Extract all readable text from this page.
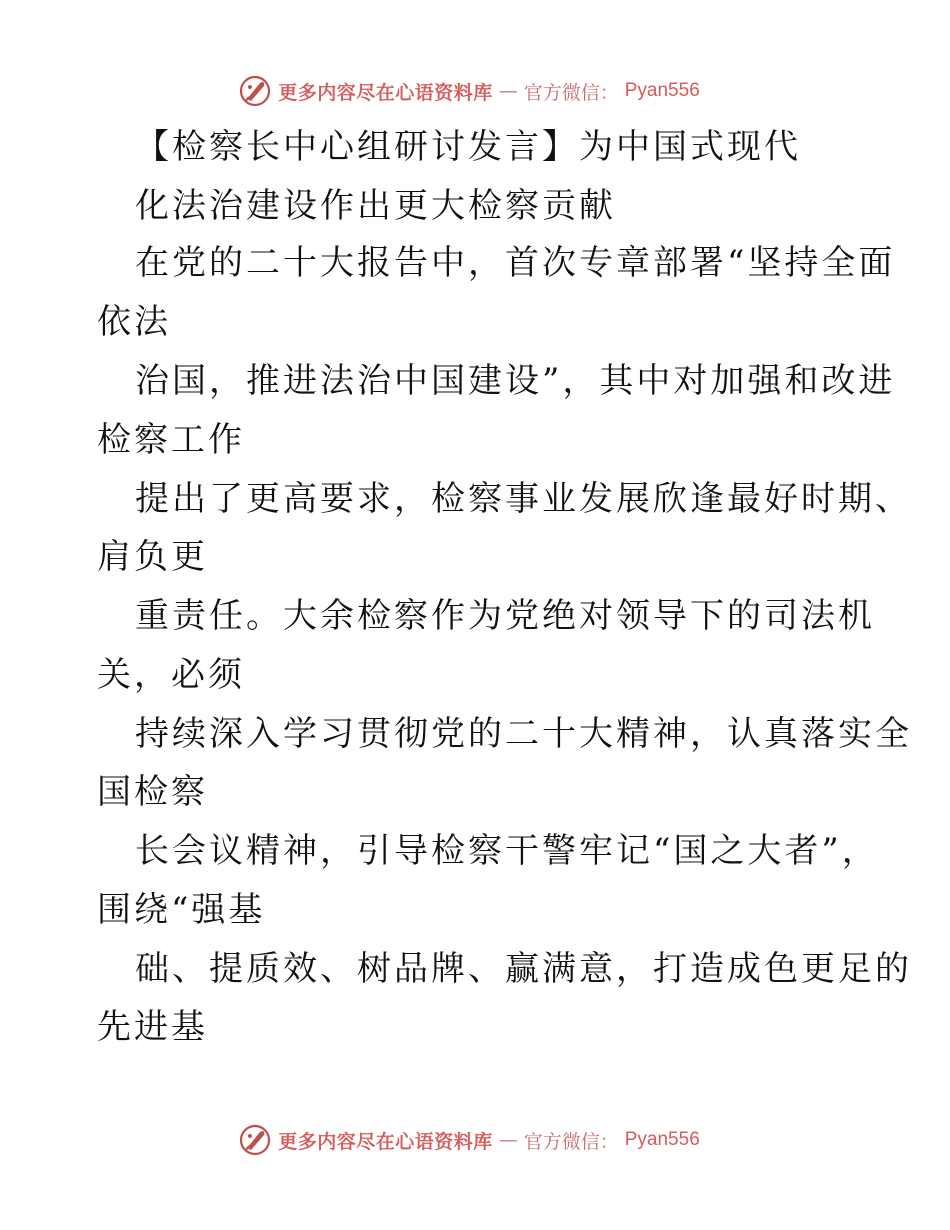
更多内容尽在心语资料库 — 官方微信： Pyan556
【检察长中心组研讨发言】为中国式现代
化法治建设作出更大检察贡献
在党的二十大报告中，首次专章部署“坚持全面
依法
治国，推进法治中国建设”，其中对加强和改进
检察工作
提出了更高要求，检察事业发展欣逢最好时期、
肩负更
重责任。大余检察作为党绝对领导下的司法机
关，必须
持续深入学习贯彻党的二十大精神，认真落实全
国检察
长会议精神，引导检察干警牢记“国之大者”，
围绕“强基
础、提质效、树品牌、赢满意，打造成色更足的
先进基
更多内容尽在心语资料库 — 官方微信： Pyan556
